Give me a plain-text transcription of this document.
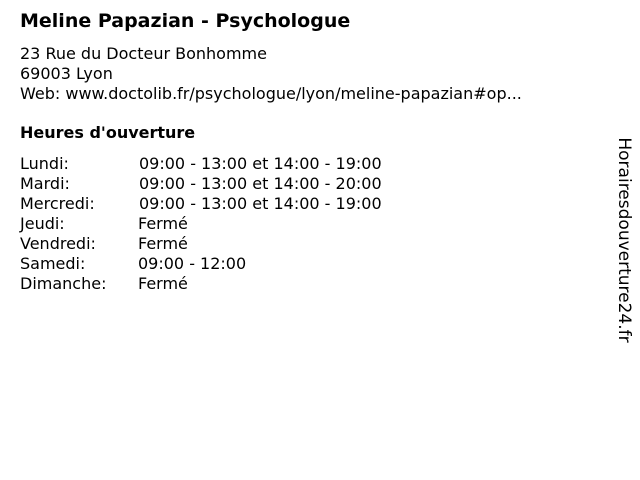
Meline Papazian - Psychologue
23 Rue du Docteur Bonhomme
69003 Lyon
Web: www.doctolib.fr/psychologue/lyon/meline-papazian#op...
Heures d'ouverture
Lundi:	09:00 - 13:00 et 14:00 - 19:00
Mardi:	09:00 - 13:00 et 14:00 - 20:00
Mercredi:	09:00 - 13:00 et 14:00 - 19:00
Jeudi:	Fermé
Vendredi:	Fermé
Samedi:	09:00 - 12:00
Dimanche: Fermé	Horairesdouverture24.fr
